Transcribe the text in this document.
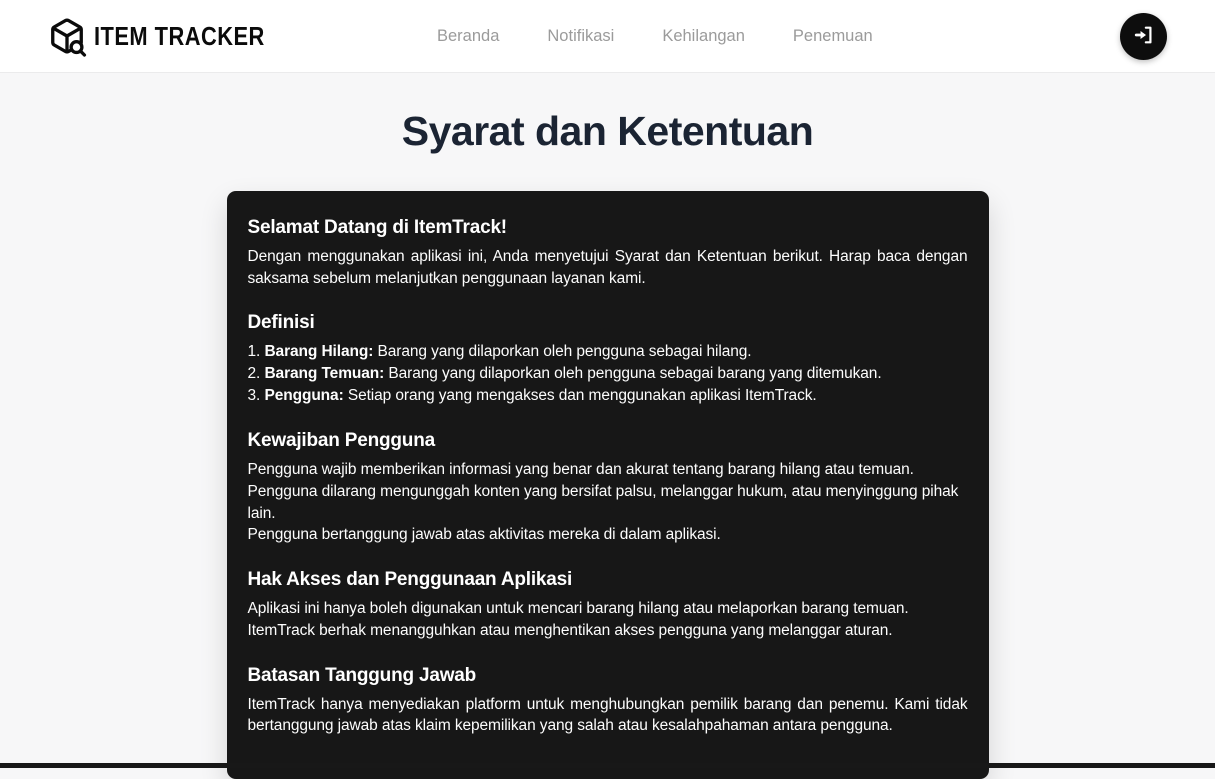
ITEM TRACKER	Beranda	Notifikasi	Kehilangan	Penemuan
Syarat dan Ketentuan
Selamat Datang di ItemTrack!

Dengan menggunakan aplikasi ini, Anda menyetujui Syarat dan Ketentuan berikut. Harap baca dengan saksama sebelum melanjutkan penggunaan layanan kami.

Definisi
1. Barang Hilang: Barang yang dilaporkan oleh pengguna sebagai hilang.
2. Barang Temuan: Barang yang dilaporkan oleh pengguna sebagai barang yang ditemukan.
3. Pengguna: Setiap orang yang mengakses dan menggunakan aplikasi ItemTrack.
Kewajiban Pengguna

Pengguna wajib memberikan informasi yang benar dan akurat tentang barang hilang atau temuan.

Pengguna dilarang mengunggah konten yang bersifat palsu, melanggar hukum, atau menyinggung pihak lain.

Pengguna bertanggung jawab atas aktivitas mereka di dalam aplikasi.

Hak Akses dan Penggunaan Aplikasi

Aplikasi ini hanya boleh digunakan untuk mencari barang hilang atau melaporkan barang temuan.

ItemTrack berhak menangguhkan atau menghentikan akses pengguna yang melanggar aturan.

Batasan Tanggung Jawab

ItemTrack hanya menyediakan platform untuk menghubungkan pemilik barang dan penemu. Kami tidak bertanggung jawab atas klaim kepemilikan yang salah atau kesalahpahaman antara pengguna.
